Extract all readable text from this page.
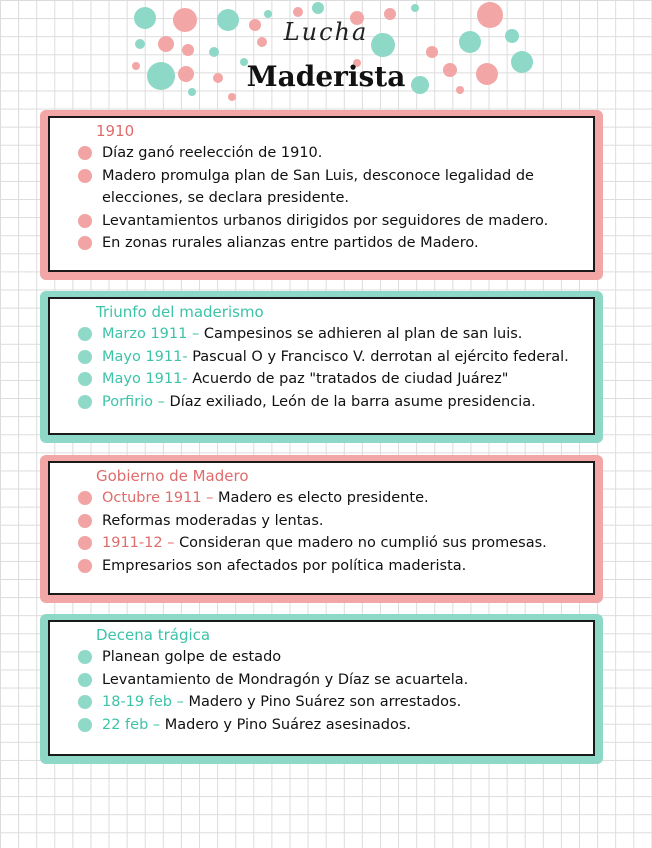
Lucha
Maderista
1910
Díaz ganó reelección de 1910.
Madero promulga plan de San Luis, desconoce legalidad de elecciones, se declara presidente.
Levantamientos urbanos dirigidos por seguidores de madero.
En zonas rurales alianzas entre partidos de Madero.
Triunfo del maderismo
Marzo 1911 – Campesinos se adhieren al plan de san luis.
Mayo 1911- Pascual O y Francisco V. derrotan al ejército federal.
Mayo 1911- Acuerdo de paz "tratados de ciudad Juárez"
Porfirio – Díaz exiliado, León de la barra asume presidencia.
Gobierno de Madero
Octubre 1911 – Madero es electo presidente.
Reformas moderadas y lentas.
1911-12 – Consideran que madero no cumplió sus promesas.
Empresarios son afectados por política maderista.
Decena trágica
Planean golpe de estado
Levantamiento de Mondragón y Díaz se acuartela.
18-19 feb – Madero y Pino Suárez son arrestados.
22 feb – Madero y Pino Suárez asesinados.
